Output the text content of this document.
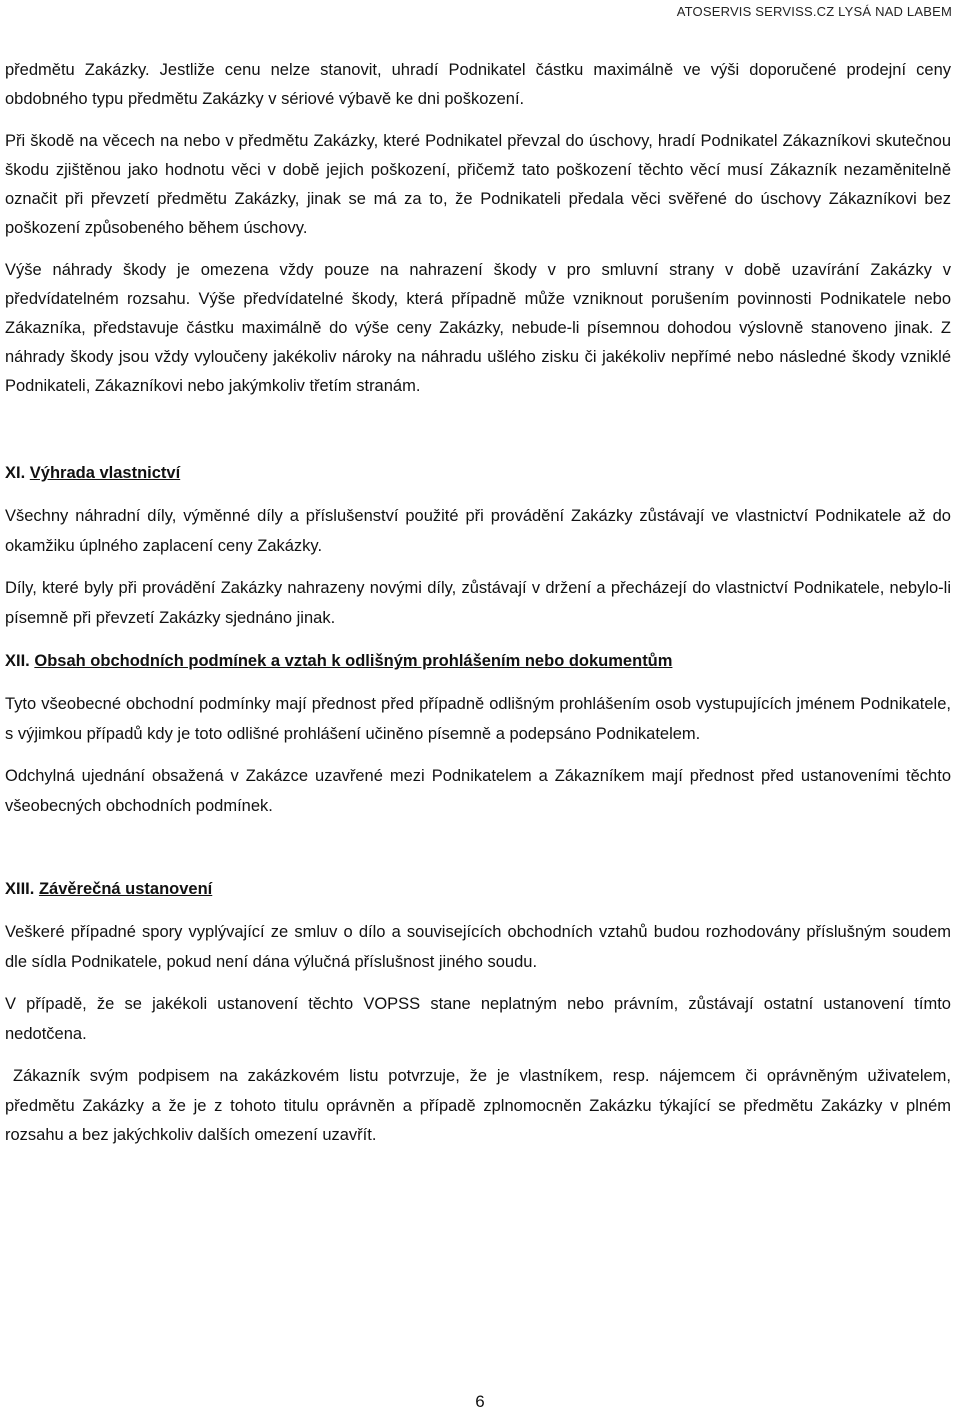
ATOSERVIS SERVISS.CZ LYSÁ NAD LABEM

předmětu Zakázky. Jestliže cenu nelze stanovit, uhradí Podnikatel částku maximálně ve výši doporučené prodejní ceny obdobného typu předmětu Zakázky v sériové výbavě ke dni poškození.

Při škodě na věcech na nebo v předmětu Zakázky, které Podnikatel převzal do úschovy, hradí Podnikatel Zákazníkovi skutečnou škodu zjištěnou jako hodnotu věci v době jejich poškození, přičemž tato poškození těchto věcí musí Zákazník nezaměnitelně označit při převzetí předmětu Zakázky, jinak se má za to, že Podnikateli předala věci svěřené do úschovy Zákazníkovi bez poškození způsobeného během úschovy.

Výše náhrady škody je omezena vždy pouze na nahrazení škody v pro smluvní strany v době uzavírání Zakázky v předvídatelném rozsahu. Výše předvídatelné škody, která případně může vzniknout porušením povinnosti Podnikatele nebo Zákazníka, představuje částku maximálně do výše ceny Zakázky, nebude-li písemnou dohodou výslovně stanoveno jinak. Z náhrady škody jsou vždy vyloučeny jakékoliv nároky na náhradu ušlého zisku či jakékoliv nepřímé nebo následné škody vzniklé Podnikateli, Zákazníkovi nebo jakýmkoliv třetím stranám.

XI. Výhrada vlastnictví

Všechny náhradní díly, výměnné díly a příslušenství použité při provádění Zakázky zůstávají ve vlastnictví Podnikatele až do okamžiku úplného zaplacení ceny Zakázky.

Díly, které byly při provádění Zakázky nahrazeny novými díly, zůstávají v držení a přecházejí do vlastnictví Podnikatele, nebylo-li písemně při převzetí Zakázky sjednáno jinak.

XII. Obsah obchodních podmínek a vztah k odlišným prohlášením nebo dokumentům

Tyto všeobecné obchodní podmínky mají přednost před případně odlišným prohlášením osob vystupujících jménem Podnikatele, s výjimkou případů kdy je toto odlišné prohlášení učiněno písemně a podepsáno Podnikatelem.

Odchylná ujednání obsažená v Zakázce uzavřené mezi Podnikatelem a Zákazníkem mají přednost před ustanoveními těchto všeobecných obchodních podmínek.

XIII. Závěrečná ustanovení

Veškeré případné spory vyplývající ze smluv o dílo a souvisejících obchodních vztahů budou rozhodovány příslušným soudem dle sídla Podnikatele, pokud není dána výlučná příslušnost jiného soudu.

V případě, že se jakékoli ustanovení těchto VOPSS stane neplatným nebo právním, zůstávají ostatní ustanovení tímto nedotčena.

Zákazník svým podpisem na zakázkovém listu potvrzuje, že je vlastníkem, resp. nájemcem či oprávněným uživatelem, předmětu Zakázky a že je z tohoto titulu oprávněn a případě zplnomocněn Zakázku týkající se předmětu Zakázky v plném rozsahu a bez jakýchkoliv dalších omezení uzavřít.

6
